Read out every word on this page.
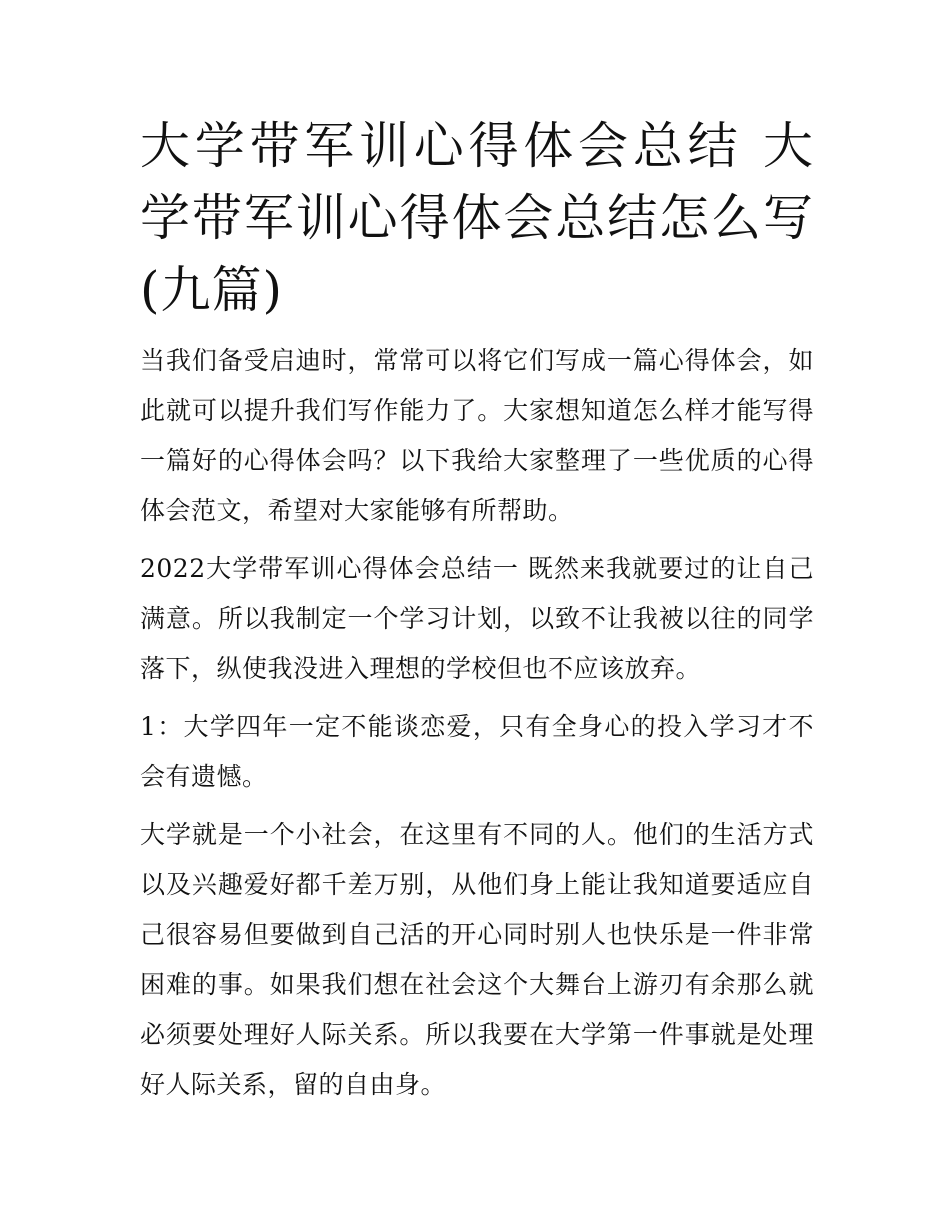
大学带军训心得体会总结 大学带军训心得体会总结怎么写(九篇)

当我们备受启迪时，常常可以将它们写成一篇心得体会，如此就可以提升我们写作能力了。大家想知道怎么样才能写得一篇好的心得体会吗？以下我给大家整理了一些优质的心得体会范文，希望对大家能够有所帮助。

2022大学带军训心得体会总结一 既然来我就要过的让自己满意。所以我制定一个学习计划，以致不让我被以往的同学落下，纵使我没进入理想的学校但也不应该放弃。

1：大学四年一定不能谈恋爱，只有全身心的投入学习才不会有遗憾。

大学就是一个小社会，在这里有不同的人。他们的生活方式以及兴趣爱好都千差万别，从他们身上能让我知道要适应自己很容易但要做到自己活的开心同时别人也快乐是一件非常困难的事。如果我们想在社会这个大舞台上游刃有余那么就必须要处理好人际关系。所以我要在大学第一件事就是处理好人际关系，留的自由身。
